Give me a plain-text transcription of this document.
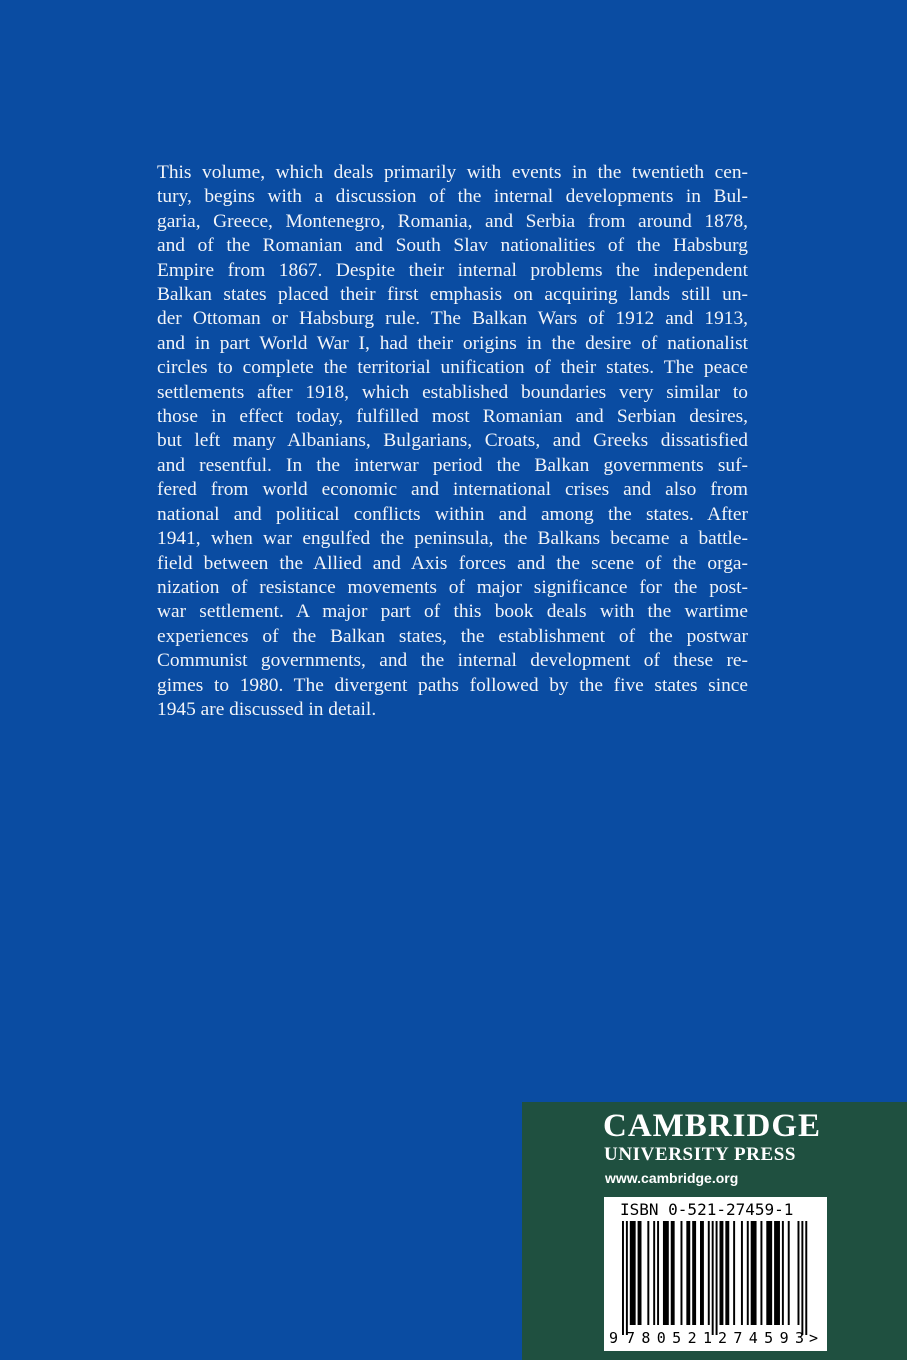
This volume, which deals primarily with events in the twentieth cen-
tury, begins with a discussion of the internal developments in Bul-
garia, Greece, Montenegro, Romania, and Serbia from around 1878,
and of the Romanian and South Slav nationalities of the Habsburg
Empire from 1867. Despite their internal problems the independent
Balkan states placed their first emphasis on acquiring lands still un-
der Ottoman or Habsburg rule. The Balkan Wars of 1912 and 1913,
and in part World War I, had their origins in the desire of nationalist
circles to complete the territorial unification of their states. The peace
settlements after 1918, which established boundaries very similar to
those in effect today, fulfilled most Romanian and Serbian desires,
but left many Albanians, Bulgarians, Croats, and Greeks dissatisfied
and resentful. In the interwar period the Balkan governments suf-
fered from world economic and international crises and also from
national and political conflicts within and among the states. After
1941, when war engulfed the peninsula, the Balkans became a battle-
field between the Allied and Axis forces and the scene of the orga-
nization of resistance movements of major significance for the post-
war settlement. A major part of this book deals with the wartime
experiences of the Balkan states, the establishment of the postwar
Communist governments, and the internal development of these re-
gimes to 1980. The divergent paths followed by the five states since
1945 are discussed in detail.
CAMBRIDGE
UNIVERSITY PRESS
www.cambridge.org
ISBN 0-521-27459-1
9 780521 274593 >
